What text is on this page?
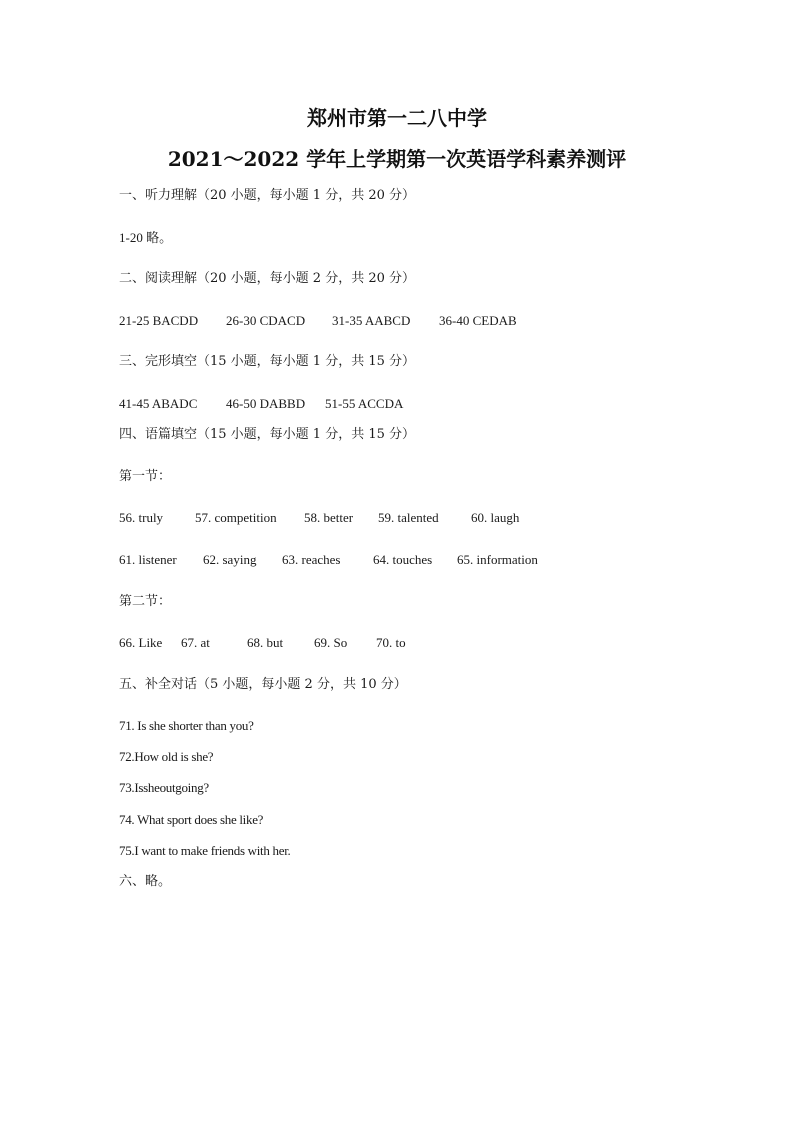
郑州市第一二八中学
2021～2022 学年上学期第一次英语学科素养测评
一、听力理解（20 小题，每小题 1 分，共 20 分）
1-20 略。
二、阅读理解（20 小题，每小题 2 分，共 20 分）
21-25 BACDD 26-30 CDACD 31-35 AABCD 36-40 CEDAB
三、完形填空（15 小题，每小题 1 分，共 15 分）
41-45 ABADC 46-50 DABBD 51-55 ACCDA
四、语篇填空（15 小题，每小题 1 分，共 15 分）
第一节：
56. truly 57. competition 58. better 59. talented 60. laugh
61. listener 62. saying 63. reaches	64. touches 65. information
第二节：
66. Like 67. at	68. but 69. So 70. to
五、补全对话（5 小题，每小题 2 分，共 10 分）
71. Is she shorter than you?
72.How old is she?
73.Issheoutgoing?
74. What sport does she like?
75.I want to make friends with her.
六、略。
